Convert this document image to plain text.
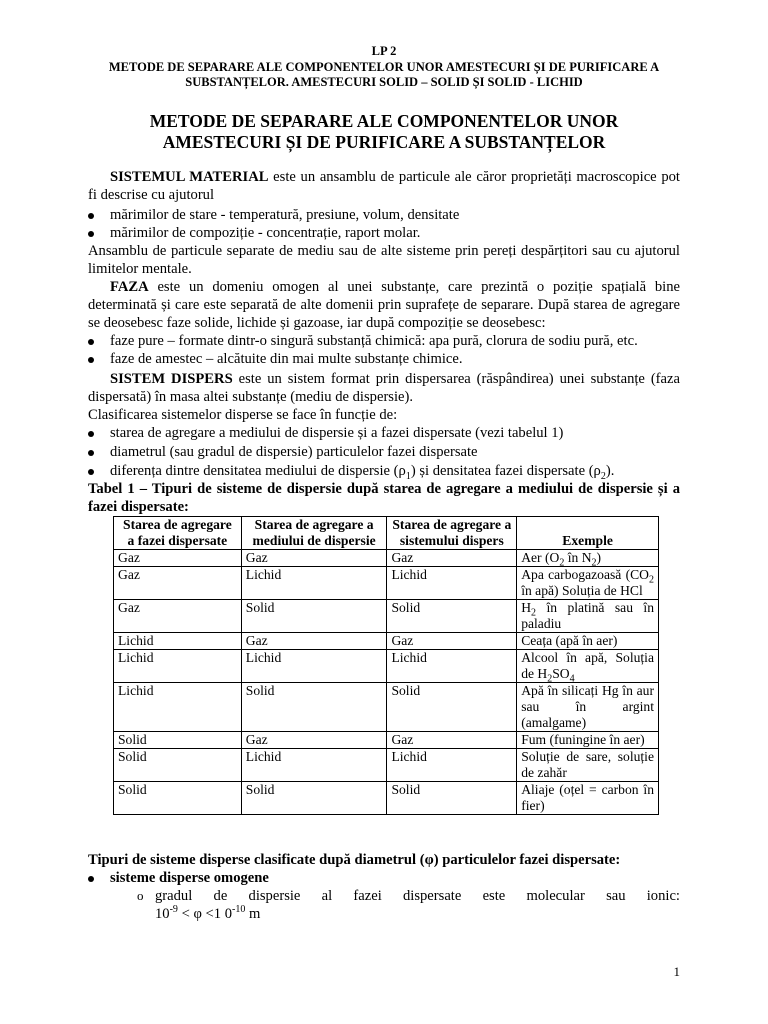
LP 2
METODE DE SEPARARE ALE COMPONENTELOR UNOR AMESTECURI ȘI DE PURIFICARE A
SUBSTANȚELOR. AMESTECURI SOLID – SOLID ȘI SOLID - LICHID
METODE DE SEPARARE ALE COMPONENTELOR UNOR
AMESTECURI ȘI DE PURIFICARE A SUBSTANȚELOR
SISTEMUL MATERIAL este un ansamblu de particule ale căror proprietăți macroscopice pot fi descrise cu ajutorul
mărimilor de stare - temperatură, presiune, volum, densitate
mărimilor de compoziție - concentrație, raport molar.
Ansamblu de particule separate de mediu sau de alte sisteme prin pereți despărțitori sau cu ajutorul limitelor mentale.
FAZA este un domeniu omogen al unei substanțe, care prezintă o poziție spațială bine determinată și care este separată de alte domenii prin suprafețe de separare. După starea de agregare se deosebesc faze solide, lichide și gazoase, iar după compoziție se deosebesc:
faze pure – formate dintr-o singură substanță chimică: apa pură, clorura de sodiu pură, etc.
faze de amestec – alcătuite din mai multe substanțe chimice.
SISTEM DISPERS este un sistem format prin dispersarea (răspândirea) unei substanțe (faza dispersată) în masa altei substanțe (mediu de dispersie).
Clasificarea sistemelor disperse se face în funcție de:
starea de agregare a mediului de dispersie și a fazei dispersate (vezi tabelul 1)
diametrul (sau gradul de dispersie) particulelor fazei dispersate
diferența dintre densitatea mediului de dispersie $(\rho_1)$ și densitatea fazei dispersate $(\rho_2)$.
Tabel 1 – Tipuri de sisteme de dispersie după starea de agregare a mediului de dispersie și a fazei dispersate:
Starea de agregare a fazei dispersate	Starea de agregare a mediului de dispersie	Starea de agregare a sistemului dispers	Exemple
Gaz	Gaz	Gaz	Aer ($O_2$ în $N_2$)
Gaz	Lichid	Lichid	Apa carbogazoasă ($CO_2$ în apă) Soluția de HCl
Gaz	Solid	Solid	$H_2$ în platină sau în paladiu
Lichid	Gaz	Gaz	Ceața (apă în aer)
Lichid	Lichid	Lichid	Alcool în apă, Soluția de $H_2SO_4$
Lichid	Solid	Solid	Apă în silicați Hg în aur sau în argint (amalgame)
Solid	Gaz	Gaz	Fum (funingine în aer)
Solid	Lichid	Lichid	Soluție de sare, soluție de zahăr
Solid	Solid	Solid	Aliaje (oțel = carbon în fier)
Tipuri de sisteme disperse clasificate după diametrul (φ) particulelor fazei dispersate:
sisteme disperse omogene
o gradul de dispersie al fazei dispersate este molecular sau ionic:
$10^{-9} < \varphi <1$ $0^{-10}$ m
1
